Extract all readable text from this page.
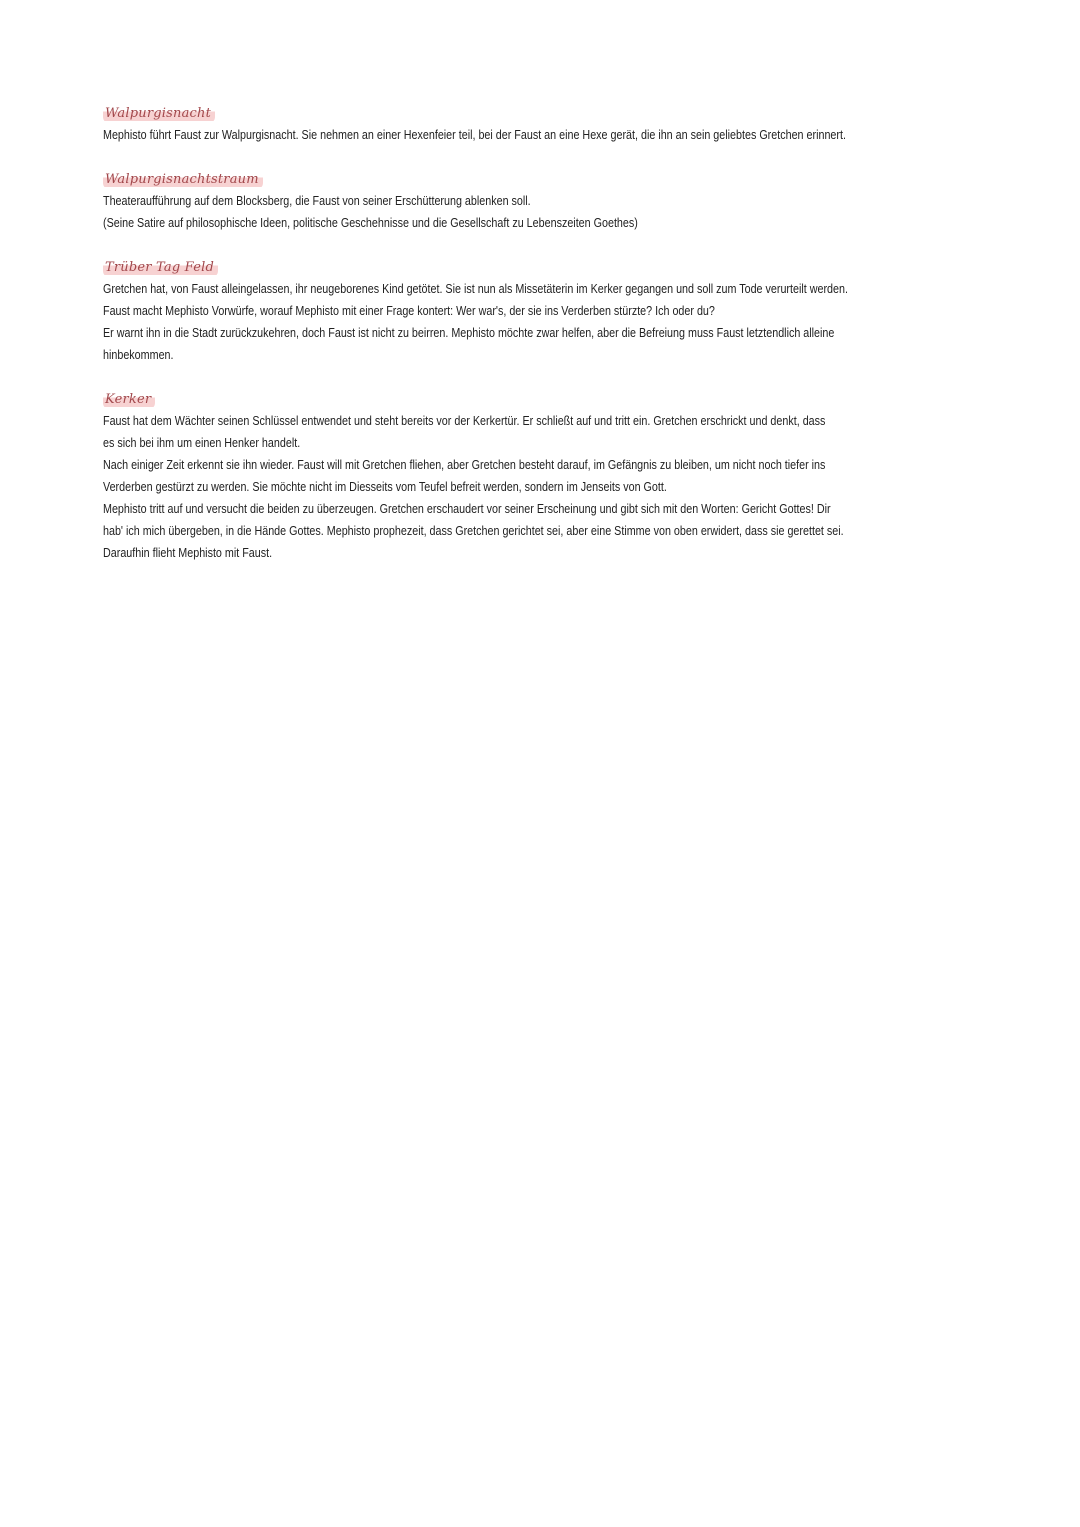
Walpurgisnacht

Mephisto führt Faust zur Walpurgisnacht. Sie nehmen an einer Hexenfeier teil, bei der Faust an eine Hexe gerät, die ihn an sein geliebtes Gretchen erinnert.

Walpurgisnachtstraum

Theateraufführung auf dem Blocksberg, die Faust von seiner Erschütterung ablenken soll.

(Seine Satire auf philosophische Ideen, politische Geschehnisse und die Gesellschaft zu Lebenszeiten Goethes)

Trüber Tag Feld

Gretchen hat, von Faust alleingelassen, ihr neugeborenes Kind getötet. Sie ist nun als Missetäterin im Kerker gegangen und soll zum Tode verurteilt werden.

Faust macht Mephisto Vorwürfe, worauf Mephisto mit einer Frage kontert: Wer war's, der sie ins Verderben stürzte? Ich oder du?

Er warnt ihn in die Stadt zurückzukehren, doch Faust ist nicht zu beirren. Mephisto möchte zwar helfen, aber die Befreiung muss Faust letztendlich alleine

hinbekommen.

Kerker

Faust hat dem Wächter seinen Schlüssel entwendet und steht bereits vor der Kerkertür. Er schließt auf und tritt ein. Gretchen erschrickt und denkt, dass

es sich bei ihm um einen Henker handelt.

Nach einiger Zeit erkennt sie ihn wieder. Faust will mit Gretchen fliehen, aber Gretchen besteht darauf, im Gefängnis zu bleiben, um nicht noch tiefer ins

Verderben gestürzt zu werden. Sie möchte nicht im Diesseits vom Teufel befreit werden, sondern im Jenseits von Gott.

Mephisto tritt auf und versucht die beiden zu überzeugen. Gretchen erschaudert vor seiner Erscheinung und gibt sich mit den Worten: Gericht Gottes! Dir

hab' ich mich übergeben, in die Hände Gottes. Mephisto prophezeit, dass Gretchen gerichtet sei, aber eine Stimme von oben erwidert, dass sie gerettet sei.

Daraufhin flieht Mephisto mit Faust.
